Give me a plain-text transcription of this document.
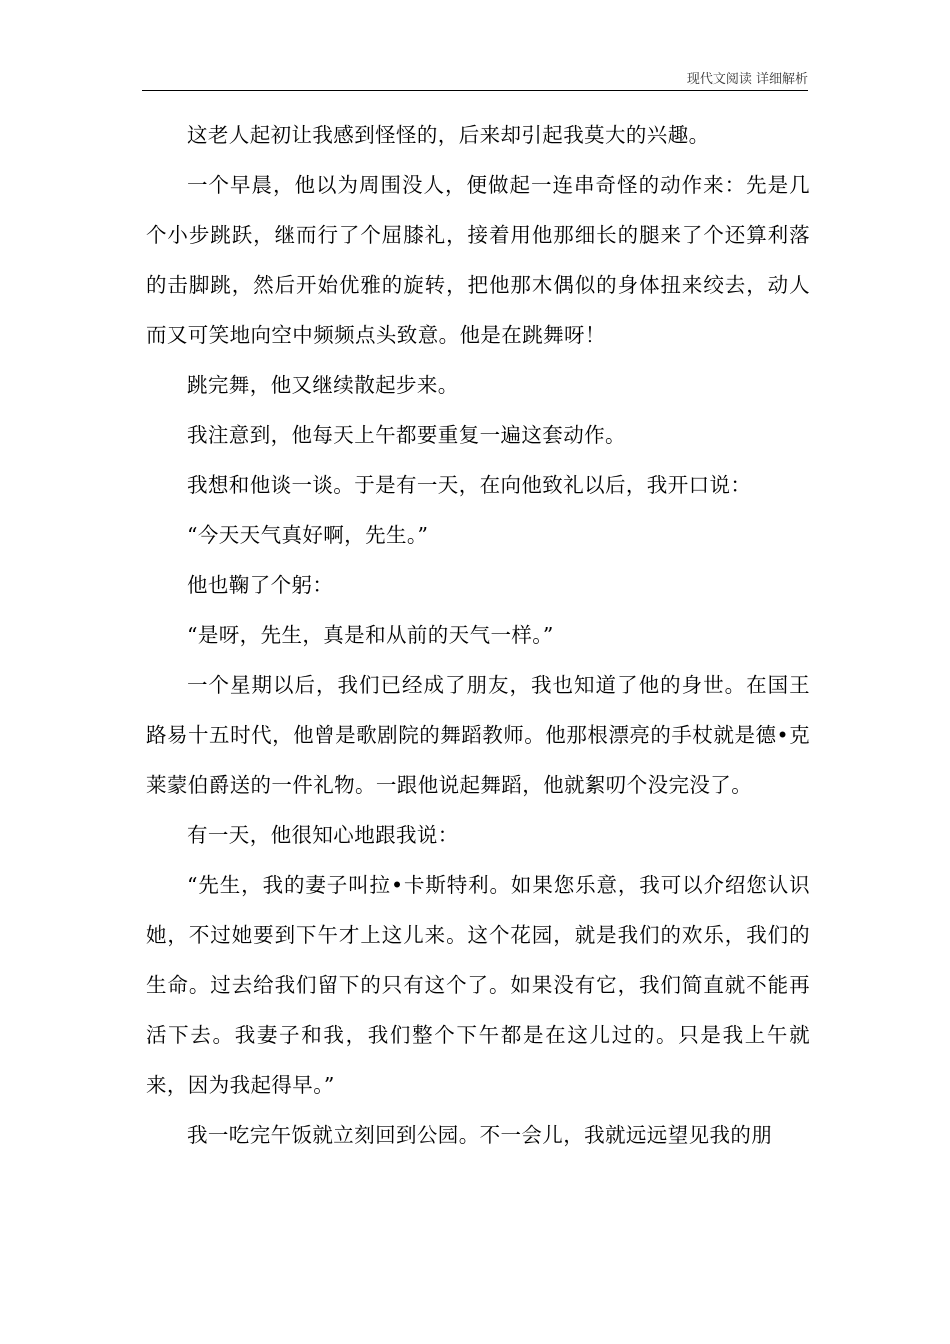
现代文阅读 详细解析

这老人起初让我感到怪怪的，后来却引起我莫大的兴趣。

一个早晨，他以为周围没人，便做起一连串奇怪的动作来：先是几个小步跳跃，继而行了个屈膝礼，接着用他那细长的腿来了个还算利落的击脚跳，然后开始优雅的旋转，把他那木偶似的身体扭来绞去，动人而又可笑地向空中频频点头致意。他是在跳舞呀！

跳完舞，他又继续散起步来。

我注意到，他每天上午都要重复一遍这套动作。

我想和他谈一谈。于是有一天，在向他致礼以后，我开口说：

“今天天气真好啊，先生。”

他也鞠了个躬：

“是呀，先生，真是和从前的天气一样。”

一个星期以后，我们已经成了朋友，我也知道了他的身世。在国王路易十五时代，他曾是歌剧院的舞蹈教师。他那根漂亮的手杖就是德•克莱蒙伯爵送的一件礼物。一跟他说起舞蹈，他就絮叨个没完没了。

有一天，他很知心地跟我说：

“先生，我的妻子叫拉•卡斯特利。如果您乐意，我可以介绍您认识她，不过她要到下午才上这儿来。这个花园，就是我们的欢乐，我们的生命。过去给我们留下的只有这个了。如果没有它，我们简直就不能再活下去。我妻子和我，我们整个下午都是在这儿过的。只是我上午就来，因为我起得早。”

我一吃完午饭就立刻回到公园。不一会儿，我就远远望见我的朋
